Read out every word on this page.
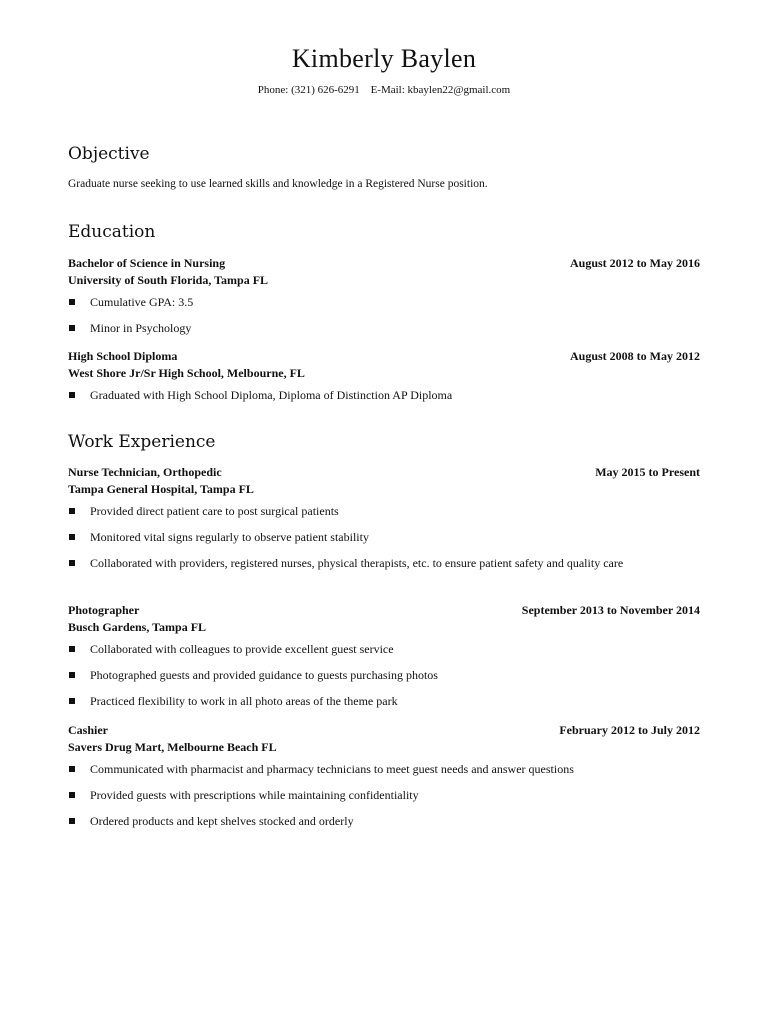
Kimberly Baylen
Phone: (321) 626-6291 E-Mail: kbaylen22@gmail.com
Objective
Graduate nurse seeking to use learned skills and knowledge in a Registered Nurse position.
Education
Bachelor of Science in Nursing	August 2012 to May 2016
University of South Florida, Tampa FL
Cumulative GPA: 3.5
Minor in Psychology
High School Diploma	August 2008 to May 2012
West Shore Jr/Sr High School, Melbourne, FL
Graduated with High School Diploma, Diploma of Distinction AP Diploma
Work Experience
Nurse Technician, Orthopedic	May 2015 to Present
Tampa General Hospital, Tampa FL
Provided direct patient care to post surgical patients
Monitored vital signs regularly to observe patient stability
Collaborated with providers, registered nurses, physical therapists, etc. to ensure patient safety and quality care
Photographer	September 2013 to November 2014
Busch Gardens, Tampa FL
Collaborated with colleagues to provide excellent guest service
Photographed guests and provided guidance to guests purchasing photos
Practiced flexibility to work in all photo areas of the theme park
Cashier	February 2012 to July 2012
Savers Drug Mart, Melbourne Beach FL
Communicated with pharmacist and pharmacy technicians to meet guest needs and answer questions
Provided guests with prescriptions while maintaining confidentiality
Ordered products and kept shelves stocked and orderly
